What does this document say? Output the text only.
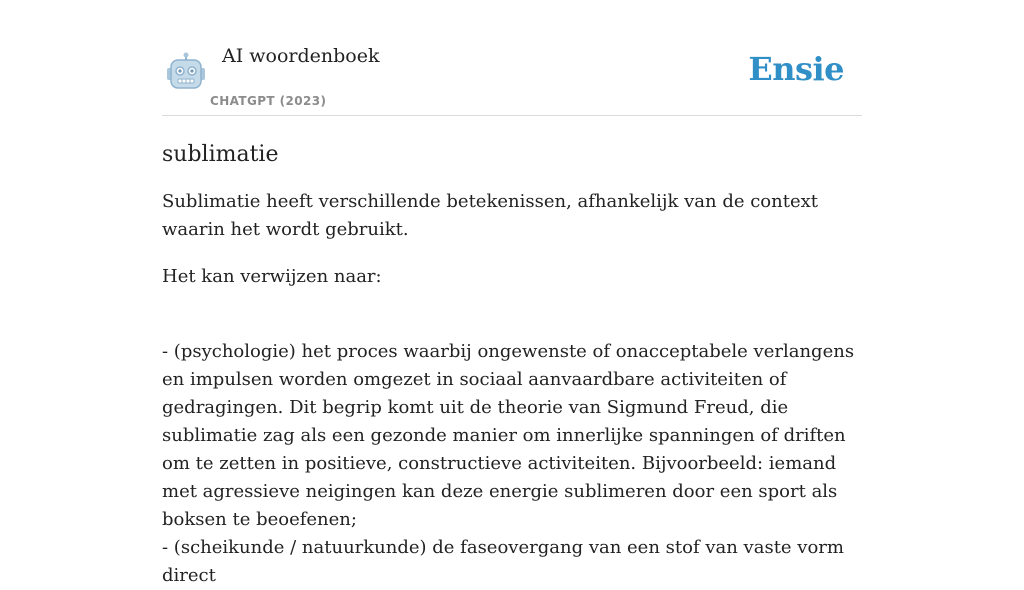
AI woordenboek
CHATGPT (2023)
Ensie
sublimatie

Sublimatie heeft verschillende betekenissen, afhankelijk van de context waarin het wordt gebruikt.

Het kan verwijzen naar:

- (psychologie) het proces waarbij ongewenste of onacceptabele verlangens en impulsen worden omgezet in sociaal aanvaardbare activiteiten of gedragingen. Dit begrip komt uit de theorie van Sigmund Freud, die sublimatie zag als een gezonde manier om innerlijke spanningen of driften om te zetten in positieve, constructieve activiteiten. Bijvoorbeeld: iemand met agressieve neigingen kan deze energie sublimeren door een sport als boksen te beoefenen;

- (scheikunde / natuurkunde) de faseovergang van een stof van vaste vorm direct
